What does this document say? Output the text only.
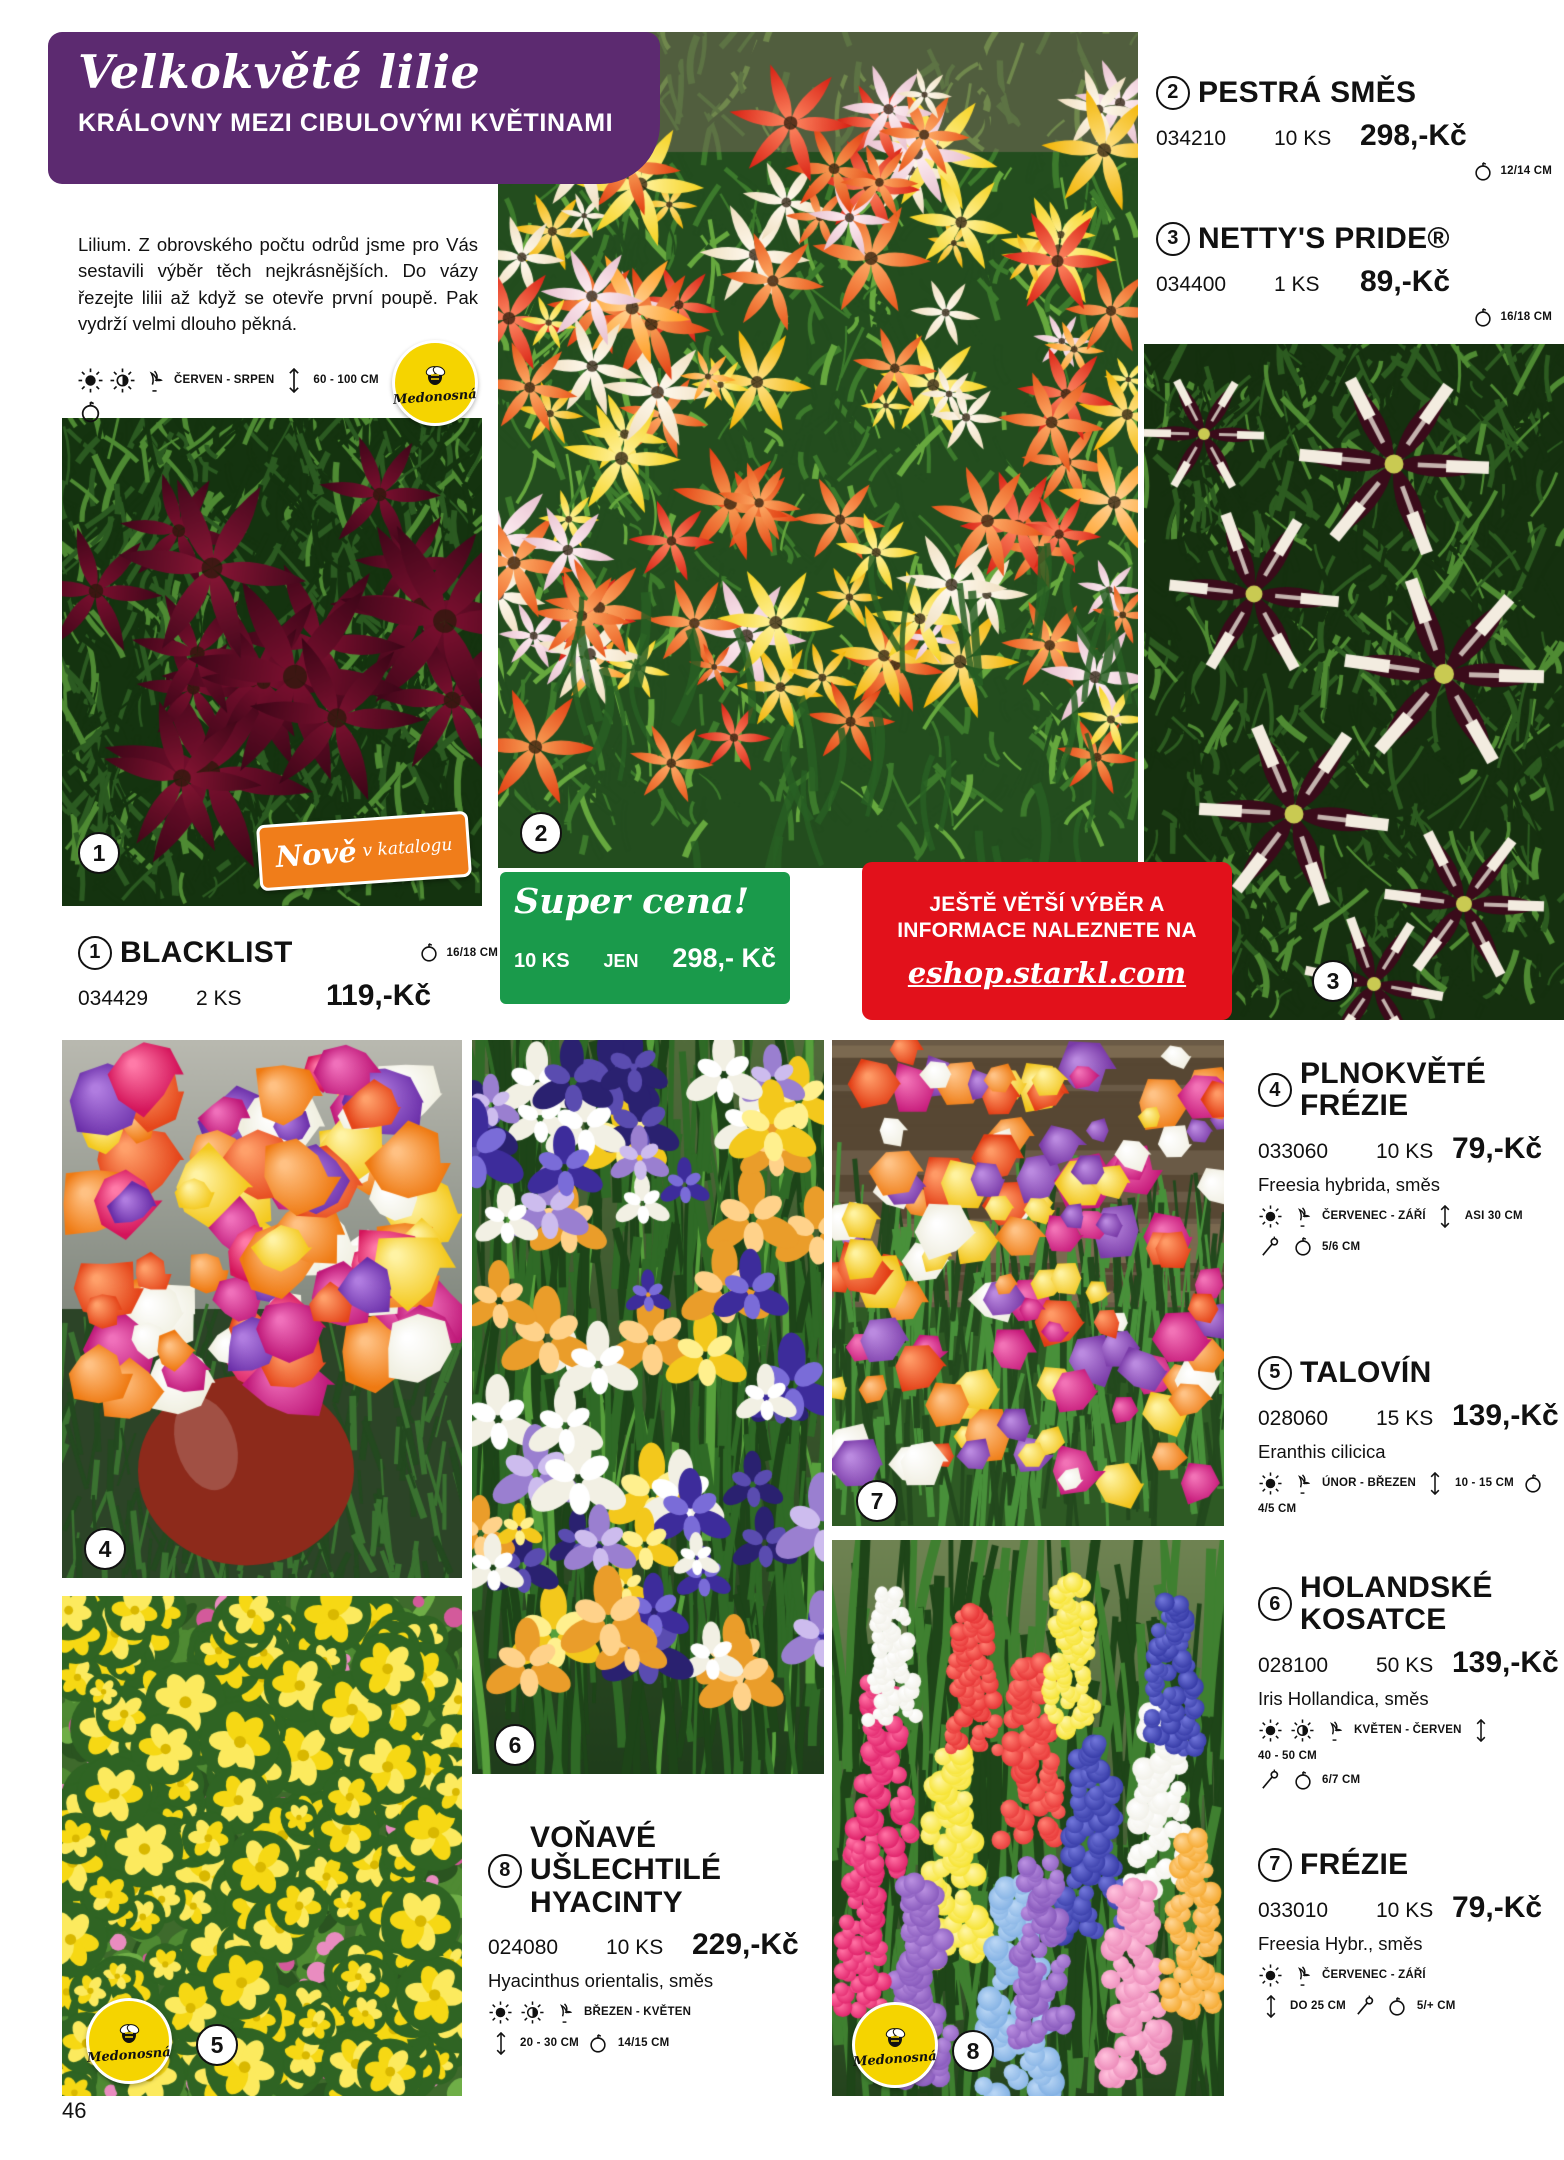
Velkokvěté lilie
KRÁLOVNY MEZI CIBULOVÝMI KVĚTINAMI
Lilium. Z obrovského počtu odrůd jsme pro Vás sestavili výběr těch nejkrásnějších. Do vázy řezejte lilii až když se otevře první poupě. Pak vydrží velmi dlouho pěkná.
ČERVEN - SRPEN	60 - 100 CM
Medonosná
Nově v katalogu
1
2
3
4
5
6
7
8
Medonosná	Medonosná
Super cena!
10 KS JEN 298,- Kč
JEŠTĚ VĚTŠÍ VÝBĚR A
INFORMACE NALEZNETE NA
eshop.starkl.com
2 PESTRÁ SMĚS
034210	10 KS 298,- Kč
12/14 CM
3 NETTY'S PRIDE®
034400	1 KS	89,- Kč
16/18 CM
1 BLACKLIST	16/18 CM
034429	2 KS	119,- Kč
4 PLNOKVĚTÉ FRÉZIE
033060	10 KS 79,- Kč
Freesia hybrida, směs
ČERVENEC - ZÁŘÍ	ASI 30 CM
5/6 CM
5 TALOVÍN
028060	15 KS 139,- Kč
Eranthis cilicica
ÚNOR - BŘEZEN	10 - 15 CM
4/5 CM
6 HOLANDSKÉ KOSATCE
028100	50 KS 139,- Kč
Iris Hollandica, směs
KVĚTEN - ČERVEN
40 - 50 CM
6/7 CM
7 FRÉZIE
033010	10 KS 79,- Kč
Freesia Hybr., směs
ČERVENEC - ZÁŘÍ
DO 25 CM	5/+ CM
8
VOŇAVÉ UŠLECHTILÉ HYACINTY
024080	10 KS 229,- Kč
Hyacinthus orientalis, směs
BŘEZEN - KVĚTEN
20 - 30 CM	14/15 CM
46
